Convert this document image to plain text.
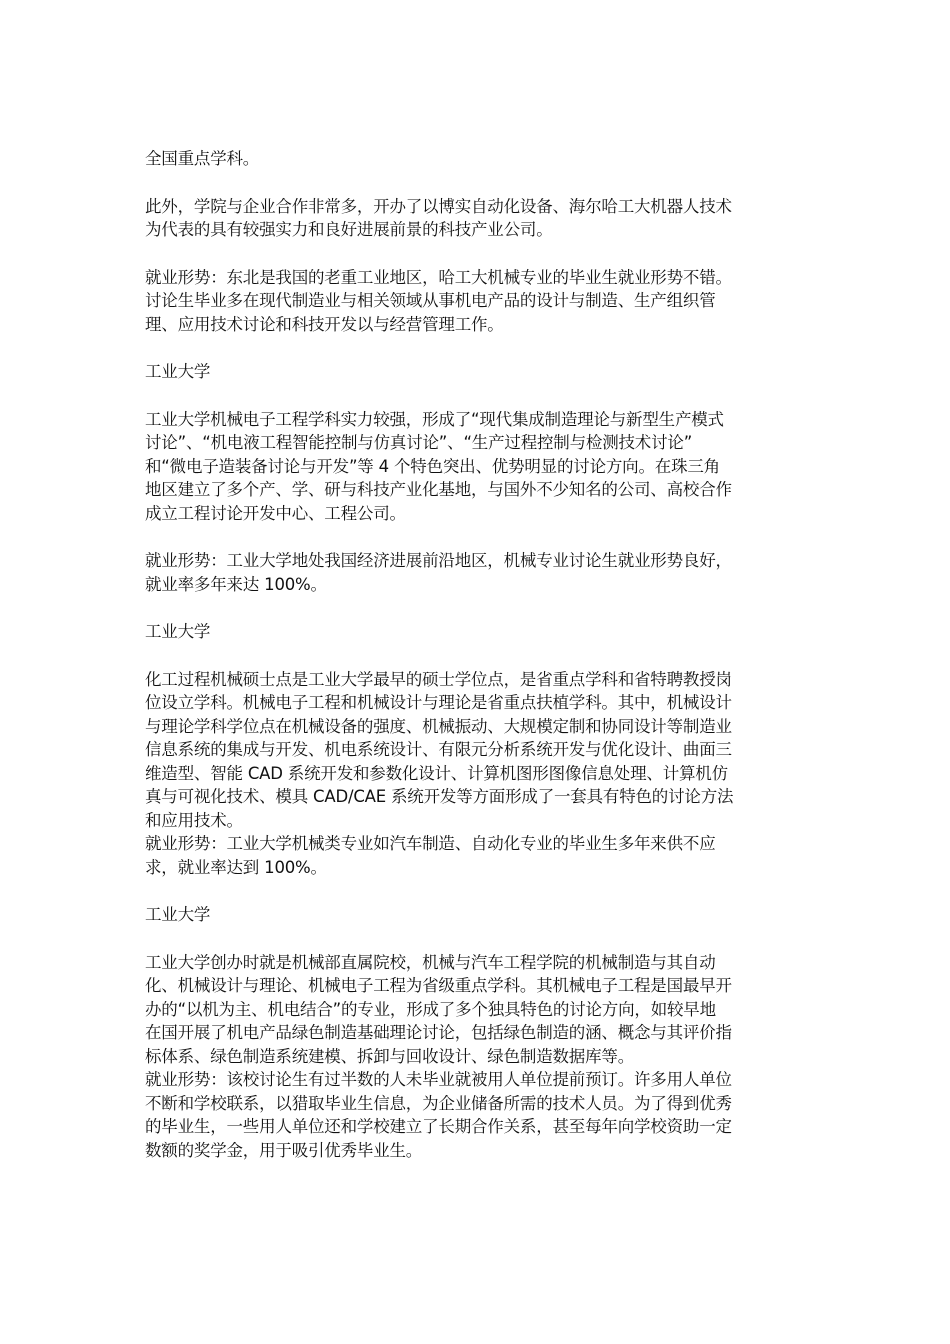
全国重点学科。

此外，学院与企业合作非常多，开办了以博实自动化设备、海尔哈工大机器人技术
为代表的具有较强实力和良好进展前景的科技产业公司。

就业形势：东北是我国的老重工业地区，哈工大机械专业的毕业生就业形势不错。
讨论生毕业多在现代制造业与相关领域从事机电产品的设计与制造、生产组织管
理、应用技术讨论和科技开发以与经营管理工作。

工业大学

工业大学机械电子工程学科实力较强，形成了“现代集成制造理论与新型生产模式
讨论”、“机电液工程智能控制与仿真讨论”、“生产过程控制与检测技术讨论”
和“微电子造装备讨论与开发”等 4 个特色突出、优势明显的讨论方向。在珠三角
地区建立了多个产、学、研与科技产业化基地，与国外不少知名的公司、高校合作
成立工程讨论开发中心、工程公司。

就业形势：工业大学地处我国经济进展前沿地区，机械专业讨论生就业形势良好，
就业率多年来达 100%。

工业大学

化工过程机械硕士点是工业大学最早的硕士学位点，是省重点学科和省特聘教授岗
位设立学科。机械电子工程和机械设计与理论是省重点扶植学科。其中，机械设计
与理论学科学位点在机械设备的强度、机械振动、大规模定制和协同设计等制造业
信息系统的集成与开发、机电系统设计、有限元分析系统开发与优化设计、曲面三
维造型、智能 CAD 系统开发和参数化设计、计算机图形图像信息处理、计算机仿
真与可视化技术、模具 CAD/CAE 系统开发等方面形成了一套具有特色的讨论方法
和应用技术。

就业形势：工业大学机械类专业如汽车制造、自动化专业的毕业生多年来供不应
求，就业率达到 100%。

工业大学

工业大学创办时就是机械部直属院校，机械与汽车工程学院的机械制造与其自动
化、机械设计与理论、机械电子工程为省级重点学科。其机械电子工程是国最早开
办的“以机为主、机电结合”的专业，形成了多个独具特色的讨论方向，如较早地
在国开展了机电产品绿色制造基础理论讨论，包括绿色制造的涵、概念与其评价指
标体系、绿色制造系统建模、拆卸与回收设计、绿色制造数据库等。

就业形势：该校讨论生有过半数的人未毕业就被用人单位提前预订。许多用人单位
不断和学校联系，以猎取毕业生信息，为企业储备所需的技术人员。为了得到优秀
的毕业生，一些用人单位还和学校建立了长期合作关系，甚至每年向学校资助一定
数额的奖学金，用于吸引优秀毕业生。
